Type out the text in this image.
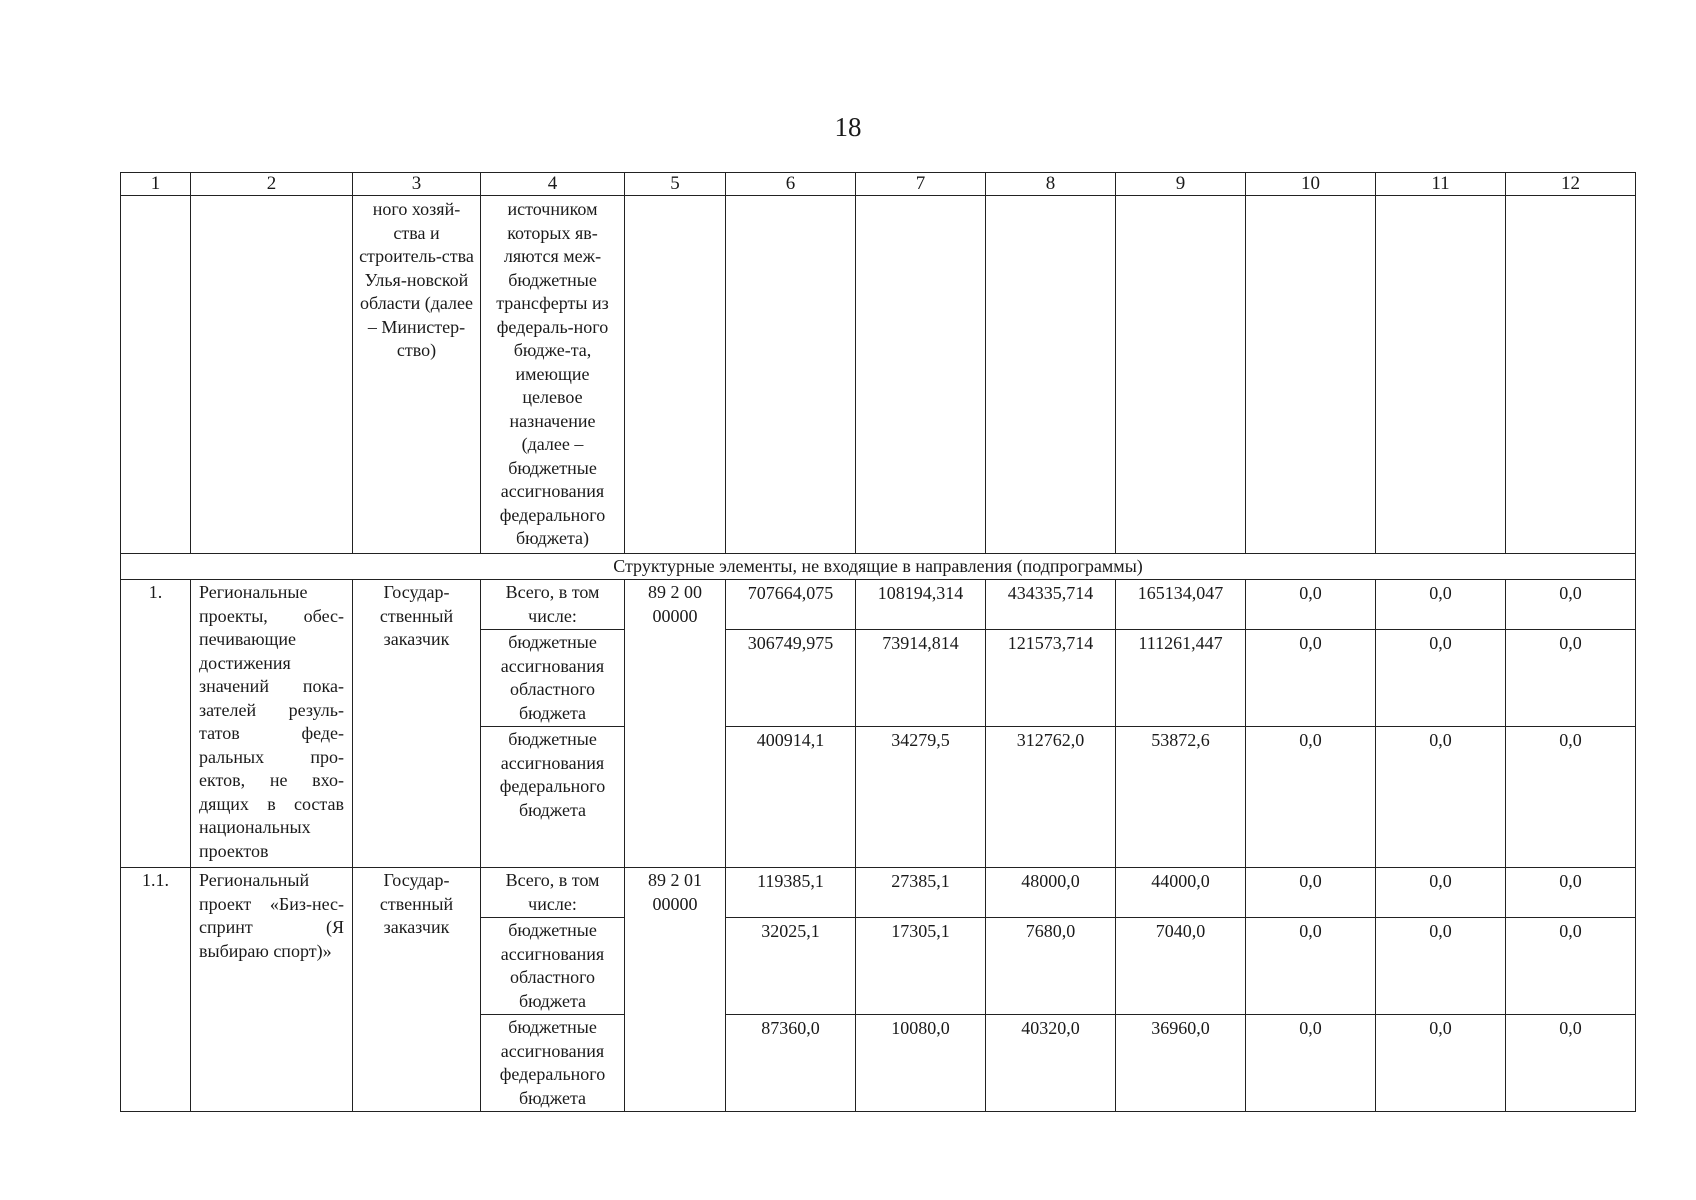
18
1	2	3	4	5	6	7	8	9	10	11	12
		ного хозяй-ства и строитель-ства Улья-новской области (далее – Министер-ство)	источником которых яв-ляются меж-бюджетные трансферты из федераль-ного бюдже-та, имеющие целевое назначение (далее – бюджетные ассигнования федерального бюджета)								
Структурные элементы, не входящие в направления (подпрограммы)											
1.	Региональные проекты, обес-печивающие достижения значений пока-зателей резуль-татов феде-ральных про-ектов, не вхо-дящих в состав национальных проектов	Государ-ственный заказчик	Всего, в том числе:	89 2 00 00000	707664,075	108194,314	434335,714	165134,047	0,0	0,0	0,0
			бюджетные ассигнования областного бюджета		306749,975	73914,814	121573,714	111261,447	0,0	0,0	0,0
			бюджетные ассигнования федерального бюджета		400914,1	34279,5	312762,0	53872,6	0,0	0,0	0,0
1.1.	Региональный проект «Биз-нес-спринт (Я выбираю спорт)»	Государ-ственный заказчик	Всего, в том числе:	89 2 01 00000	119385,1	27385,1	48000,0	44000,0	0,0	0,0	0,0
			бюджетные ассигнования областного бюджета		32025,1	17305,1	7680,0	7040,0	0,0	0,0	0,0
			бюджетные ассигнования федерального бюджета		87360,0	10080,0	40320,0	36960,0	0,0	0,0	0,0
